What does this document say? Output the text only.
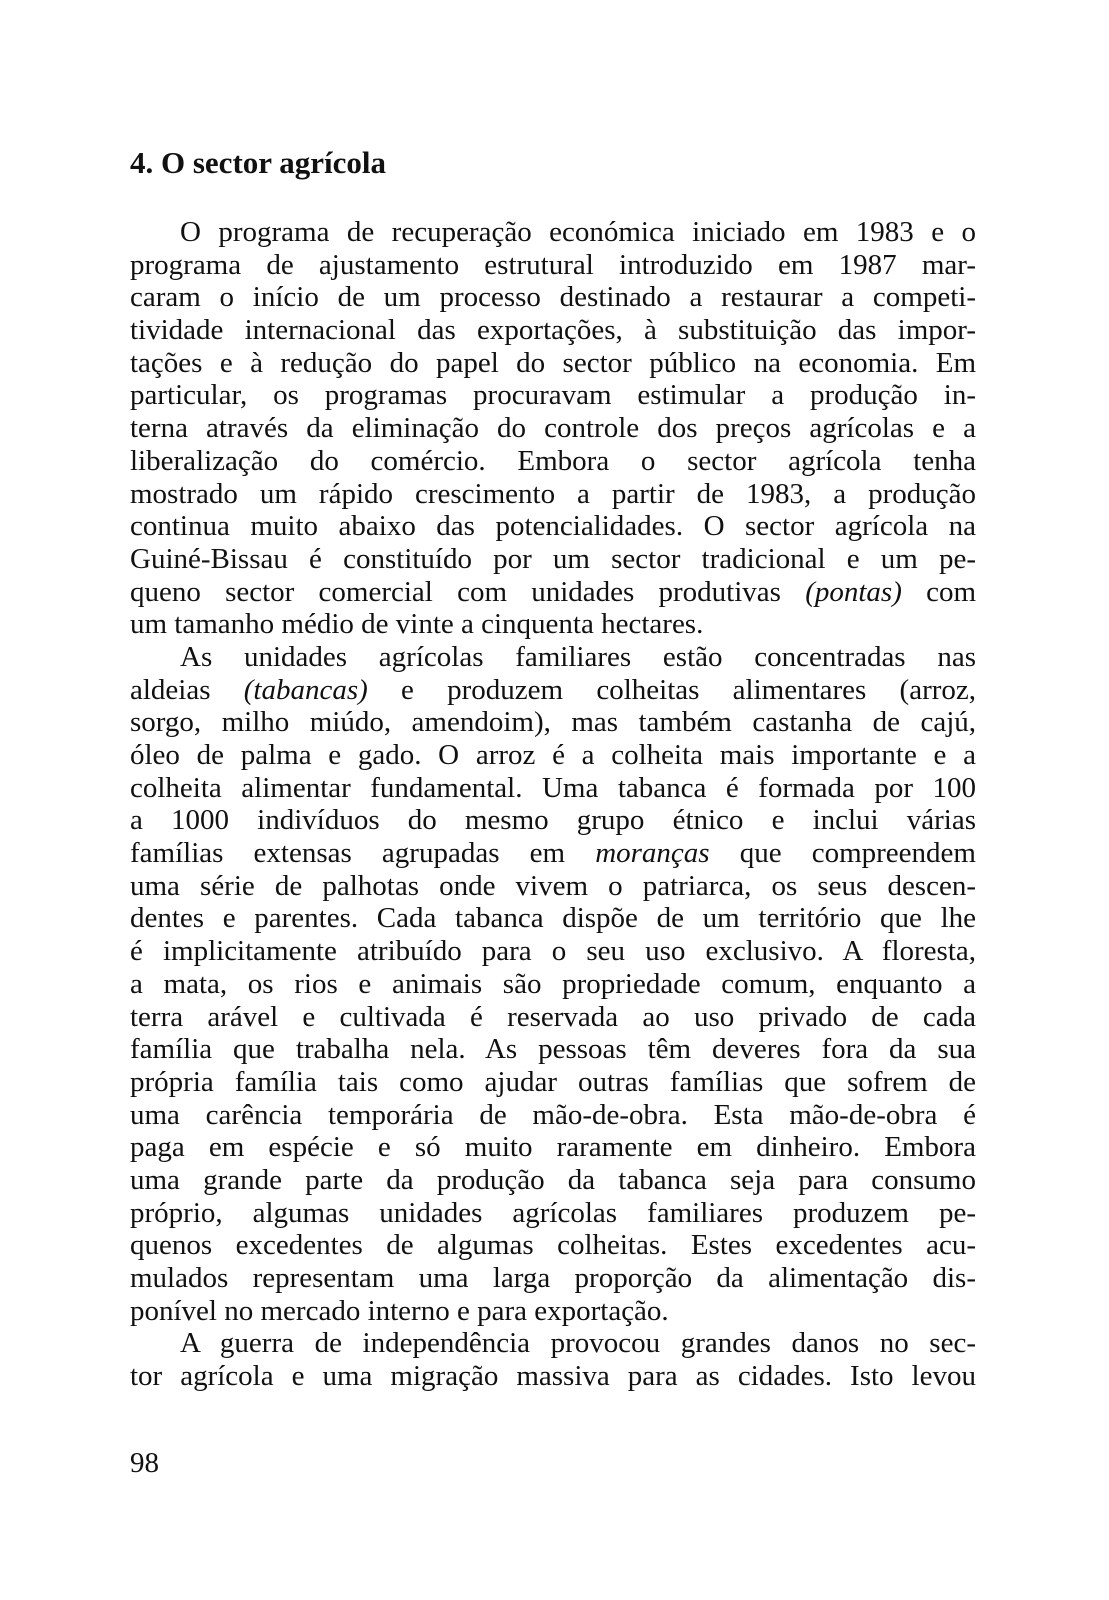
4. O sector agrícola
O programa de recuperação económica iniciado em 1983 e o
programa de ajustamento estrutural introduzido em 1987 mar-
caram o início de um processo destinado a restaurar a competi-
tividade internacional das exportações, à substituição das impor-
tações e à redução do papel do sector público na economia. Em
particular, os programas procuravam estimular a produção in-
terna através da eliminação do controle dos preços agrícolas e a
liberalização do comércio. Embora o sector agrícola tenha
mostrado um rápido crescimento a partir de 1983, a produção
continua muito abaixo das potencialidades. O sector agrícola na
Guiné-Bissau é constituído por um sector tradicional e um pe-
queno sector comercial com unidades produtivas (pontas) com
um tamanho médio de vinte a cinquenta hectares.
As unidades agrícolas familiares estão concentradas nas
aldeias (tabancas) e produzem colheitas alimentares (arroz,
sorgo, milho miúdo, amendoim), mas também castanha de cajú,
óleo de palma e gado. O arroz é a colheita mais importante e a
colheita alimentar fundamental. Uma tabanca é formada por 100
a 1000 indivíduos do mesmo grupo étnico e inclui várias
famílias extensas agrupadas em moranças que compreendem
uma série de palhotas onde vivem o patriarca, os seus descen-
dentes e parentes. Cada tabanca dispõe de um território que lhe
é implicitamente atribuído para o seu uso exclusivo. A floresta,
a mata, os rios e animais são propriedade comum, enquanto a
terra arável e cultivada é reservada ao uso privado de cada
família que trabalha nela. As pessoas têm deveres fora da sua
própria família tais como ajudar outras famílias que sofrem de
uma carência temporária de mão-de-obra. Esta mão-de-obra é
paga em espécie e só muito raramente em dinheiro. Embora
uma grande parte da produção da tabanca seja para consumo
próprio, algumas unidades agrícolas familiares produzem pe-
quenos excedentes de algumas colheitas. Estes excedentes acu-
mulados representam uma larga proporção da alimentação dis-
ponível no mercado interno e para exportação.
A guerra de independência provocou grandes danos no sec-
tor agrícola e uma migração massiva para as cidades. Isto levou
98
